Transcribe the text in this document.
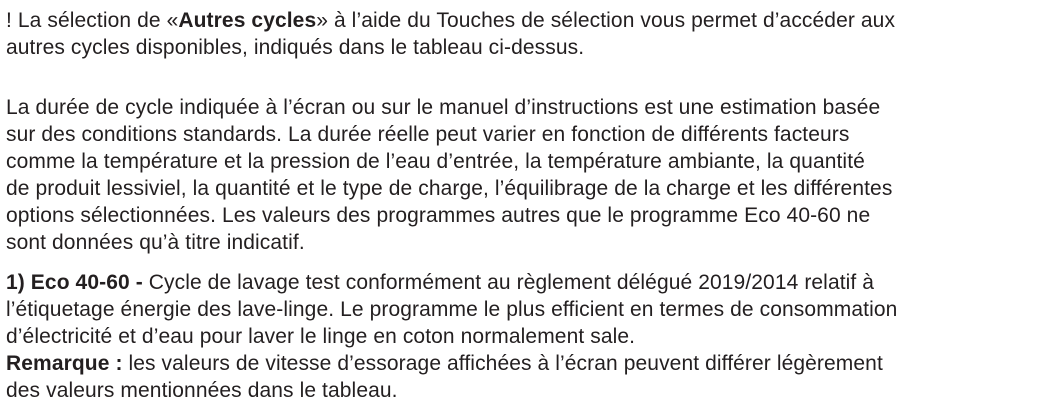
! La sélection de «Autres cycles» à l’aide du Touches de sélection vous permet d’accéder aux
autres cycles disponibles, indiqués dans le tableau ci-dessus.
La durée de cycle indiquée à l’écran ou sur le manuel d’instructions est une estimation basée
sur des conditions standards. La durée réelle peut varier en fonction de différents facteurs
comme la température et la pression de l’eau d’entrée, la température ambiante, la quantité
de produit lessiviel, la quantité et le type de charge, l’équilibrage de la charge et les différentes
options sélectionnées. Les valeurs des programmes autres que le programme Eco 40-60 ne
sont données qu’à titre indicatif.
1) Eco 40-60 - Cycle de lavage test conformément au règlement délégué 2019/2014 relatif à
l’étiquetage énergie des lave-linge. Le programme le plus efficient en termes de consommation
d’électricité et d’eau pour laver le linge en coton normalement sale.
Remarque : les valeurs de vitesse d’essorage affichées à l’écran peuvent différer légèrement
des valeurs mentionnées dans le tableau.
